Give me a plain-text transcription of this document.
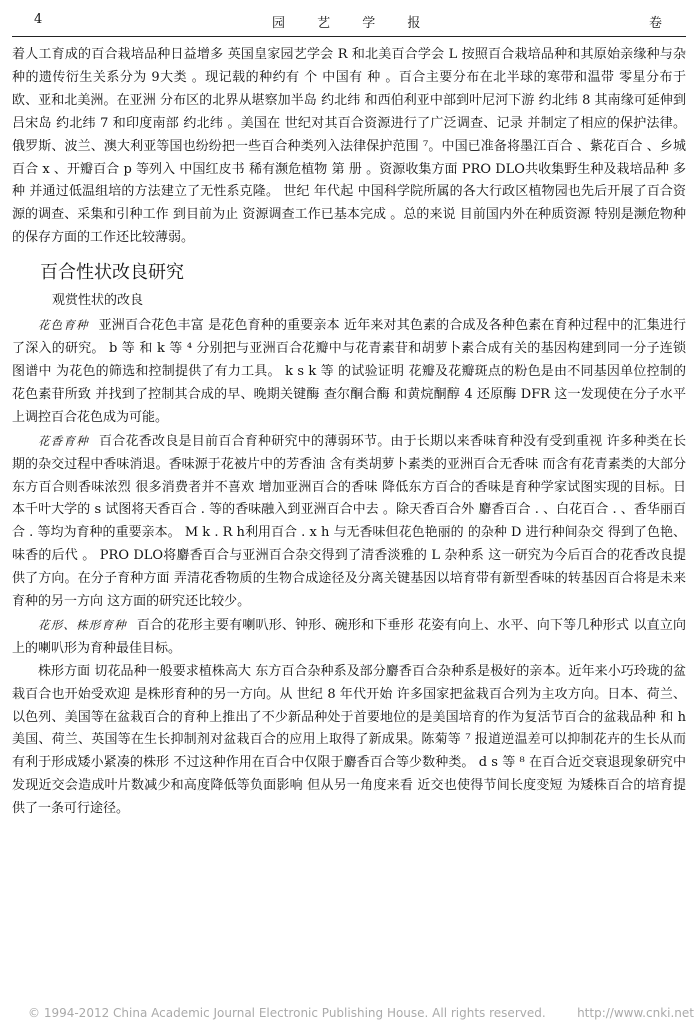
4	园 艺 学 报	卷

着人工育成的百合栽培品种日益增多 英国皇家园艺学会 R 和北美百合学会 L 按照百合栽培品种和其原始亲缘种与杂种的遗传衍生关系分为 9大类 。现记载的种约有 个 中国有 种 。百合主要分布在北半球的寒带和温带 零星分布于欧、亚和北美洲。在亚洲 分布区的北界从堪察加半岛 约北纬 和西伯利亚中部到叶尼河下游 约北纬 8 其南缘可延伸到吕宋岛 约北纬 7 和印度南部 约北纬 。美国在 世纪对其百合资源进行了广泛调查、记录 并制定了相应的保护法律。俄罗斯、波兰、澳大利亚等国也纷纷把一些百合种类列入法律保护范围 ⁷。中国已准备将墨江百合 、紫花百合 、乡城百合 x 、开瓣百合 p 等列入 中国红皮书 稀有濒危植物 第 册 。资源收集方面 PRO DLO共收集野生种及栽培品种 多种 并通过低温组培的方法建立了无性系克隆。 世纪 年代起 中国科学院所属的各大行政区植物园也先后开展了百合资源的调查、采集和引种工作 到目前为止 资源调查工作已基本完成 。总的来说 目前国内外在种质资源 特别是濒危物种的保存方面的工作还比较薄弱。

百合性状改良研究
观赏性状的改良

花色育种 亚洲百合花色丰富 是花色育种的重要亲本 近年来对其色素的合成及各种色素在育种过程中的汇集进行了深入的研究。 b 等 和 k 等 ⁴ 分别把与亚洲百合花瓣中与花青素苷和胡萝卜素合成有关的基因构建到同一分子连锁图谱中 为花色的筛选和控制提供了有力工具。 k s k 等 的试验证明 花瓣及花瓣斑点的粉色是由不同基因单位控制的花色素苷所致 并找到了控制其合成的早、晚期关键酶 查尔酮合酶 和黄烷酮醇 4 还原酶 DFR 这一发现使在分子水平上调控百合花色成为可能。

花香育种 百合花香改良是目前百合育种研究中的薄弱环节。由于长期以来香味育种没有受到重视 许多种类在长期的杂交过程中香味消退。香味源于花被片中的芳香油 含有类胡萝卜素类的亚洲百合无香味 而含有花青素类的大部分东方百合则香味浓烈 很多消费者并不喜欢 增加亚洲百合的香味 降低东方百合的香味是育种学家试图实现的目标。日本千叶大学的 s 试图将天香百合 . 等的香味融入到亚洲百合中去 。除天香百合外 麝香百合 . 、白花百合 . 、香华丽百合 . 等均为育种的重要亲本。 M k . R h利用百合 . x h 与无香味但花色艳丽的 的杂种 D 进行种间杂交 得到了色艳、味香的后代 。 PRO DLO将麝香百合与亚洲百合杂交得到了清香淡雅的 L 杂种系 这一研究为今后百合的花香改良提供了方向。在分子育种方面 弄清花香物质的生物合成途径及分离关键基因以培育带有新型香味的转基因百合将是未来育种的另一方向 这方面的研究还比较少。

花形、株形育种 百合的花形主要有喇叭形、钟形、碗形和下垂形 花姿有向上、水平、向下等几种形式 以直立向上的喇叭形为育种最佳目标。

株形方面 切花品种一般要求植株高大 东方百合杂种系及部分麝香百合杂种系是极好的亲本。近年来小巧玲珑的盆栽百合也开始受欢迎 是株形育种的另一方向。从 世纪 8 年代开始 许多国家把盆栽百合列为主攻方向。日本、荷兰、以色列、美国等在盆栽百合的育种上推出了不少新品种处于首要地位的是美国培育的作为复活节百合的盆栽品种 和 h 美国、荷兰、英国等在生长抑制剂对盆栽百合的应用上取得了新成果。陈菊等 ⁷ 报道逆温差可以抑制花卉的生长从而有利于形成矮小紧凑的株形 不过这种作用在百合中仅限于麝香百合等少数种类。 d s 等 ⁸ 在百合近交衰退现象研究中发现近交会造成叶片数减少和高度降低等负面影响 但从另一角度来看 近交也使得节间长度变短 为矮株百合的培育提供了一条可行途径。

© 1994-2012 China Academic Journal Electronic Publishing House. All rights reserved.	http://www.cnki.net
